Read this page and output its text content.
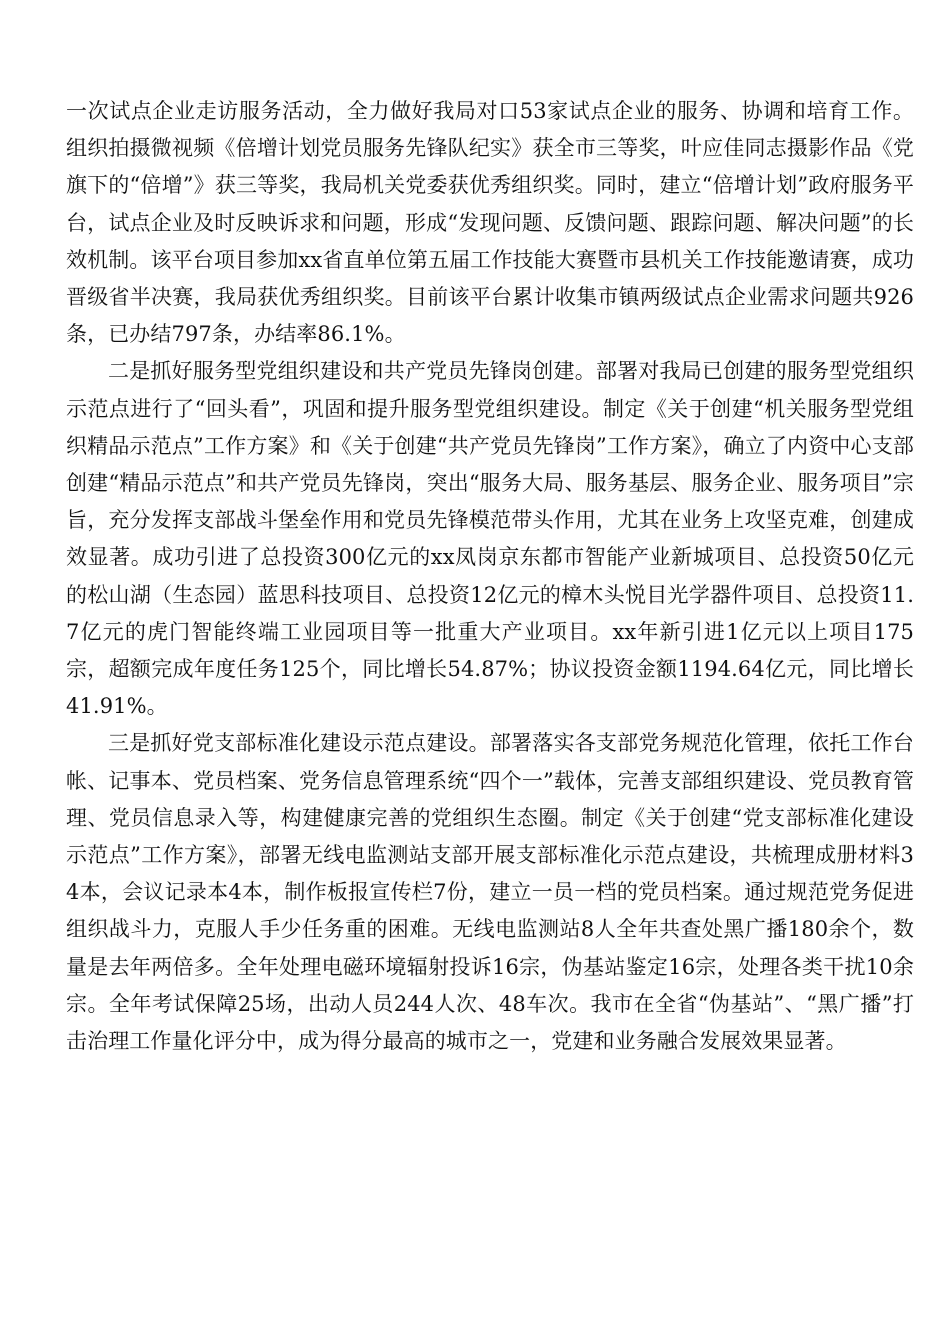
一次试点企业走访服务活动，全力做好我局对口53家试点企业的服务、协调和培育工作。组织拍摄微视频《倍增计划党员服务先锋队纪实》获全市三等奖，叶应佳同志摄影作品《党旗下的“倍增”》获三等奖，我局机关党委获优秀组织奖。同时，建立“倍增计划”政府服务平台，试点企业及时反映诉求和问题，形成“发现问题、反馈问题、跟踪问题、解决问题”的长效机制。该平台项目参加xx省直单位第五届工作技能大赛暨市县机关工作技能邀请赛，成功晋级省半决赛，我局获优秀组织奖。目前该平台累计收集市镇两级试点企业需求问题共926条，已办结797条，办结率86.1%。

二是抓好服务型党组织建设和共产党员先锋岗创建。部署对我局已创建的服务型党组织示范点进行了“回头看”，巩固和提升服务型党组织建设。制定《关于创建“机关服务型党组织精品示范点”工作方案》和《关于创建“共产党员先锋岗”工作方案》，确立了内资中心支部创建“精品示范点”和共产党员先锋岗，突出“服务大局、服务基层、服务企业、服务项目”宗旨，充分发挥支部战斗堡垒作用和党员先锋模范带头作用，尤其在业务上攻坚克难，创建成效显著。成功引进了总投资300亿元的xx凤岗京东都市智能产业新城项目、总投资50亿元的松山湖（生态园）蓝思科技项目、总投资12亿元的樟木头悦目光学器件项目、总投资11.7亿元的虎门智能终端工业园项目等一批重大产业项目。xx年新引进1亿元以上项目175宗，超额完成年度任务125个，同比增长54.87%；协议投资金额1194.64亿元，同比增长41.91%。

三是抓好党支部标准化建设示范点建设。部署落实各支部党务规范化管理，依托工作台帐、记事本、党员档案、党务信息管理系统“四个一”载体，完善支部组织建设、党员教育管理、党员信息录入等，构建健康完善的党组织生态圈。制定《关于创建“党支部标准化建设示范点”工作方案》，部署无线电监测站支部开展支部标准化示范点建设，共梳理成册材料34本，会议记录本4本，制作板报宣传栏7份，建立一员一档的党员档案。通过规范党务促进组织战斗力，克服人手少任务重的困难。无线电监测站8人全年共查处黑广播180余个，数量是去年两倍多。全年处理电磁环境辐射投诉16宗，伪基站鉴定16宗，处理各类干扰10余宗。全年考试保障25场，出动人员244人次、48车次。我市在全省“伪基站”、“黑广播”打击治理工作量化评分中，成为得分最高的城市之一，党建和业务融合发展效果显著。
